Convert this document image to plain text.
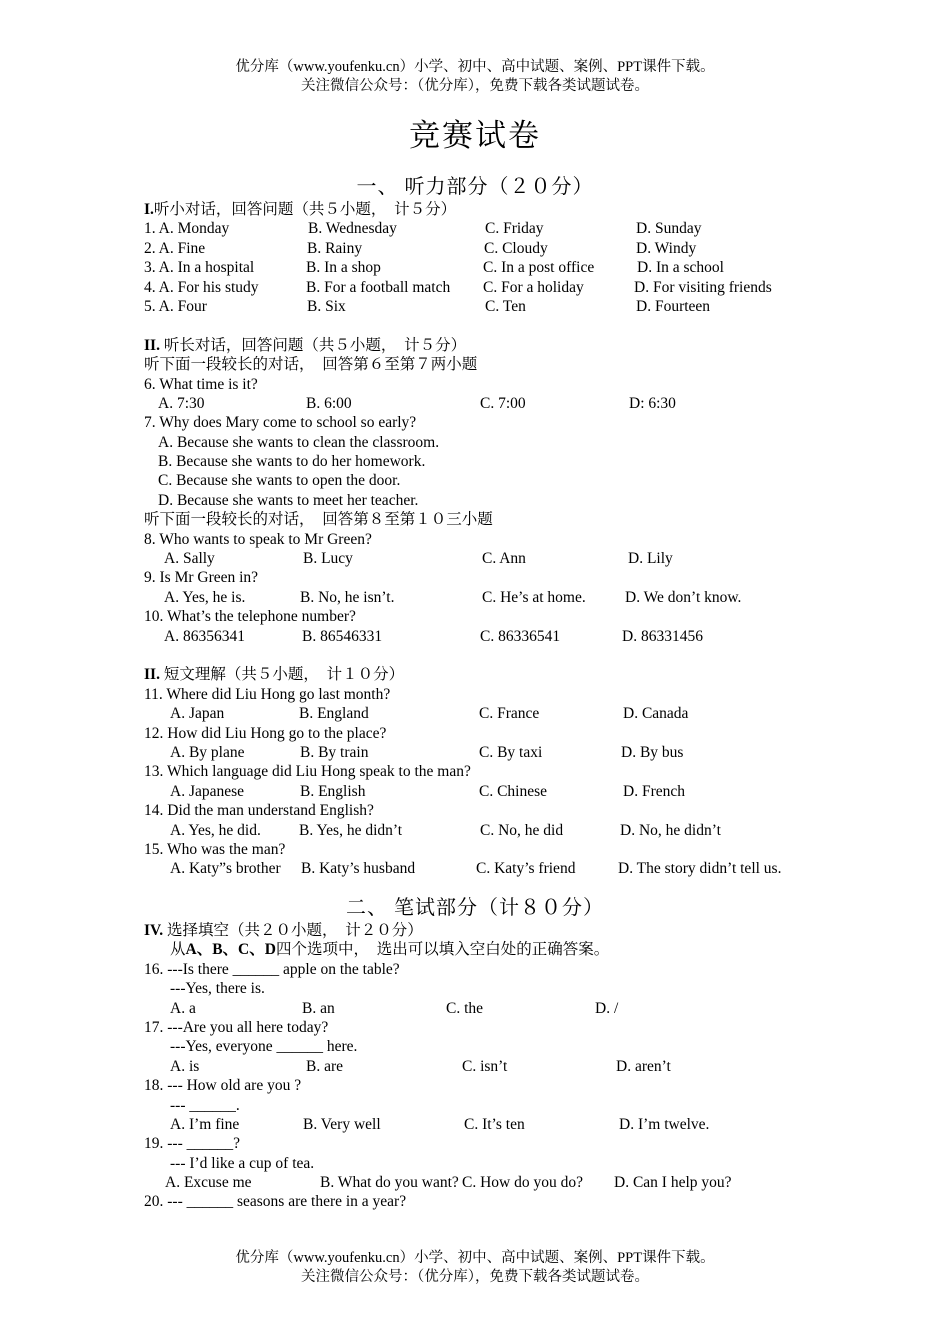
优分库（www.youfenku.cn）小学、初中、高中试题、案例、PPT课件下载。
关注微信公众号：（优分库），免费下载各类试题试卷。
竞赛试卷
一、 听力部分（２０分）
I.听小对话，回答问题（共５小题，　计５分）
1. A. Monday	B. Wednesday	C. Friday	D. Sunday
2. A. Fine	B. Rainy	C. Cloudy	D. Windy
3. A. In a hospital	B. In a shop	C. In a post office	D. In a school
4. A. For his study	B. For a football match C. For a holiday	D. For visiting friends
5. A. Four	B. Six	C. Ten	D. Fourteen
II. 听长对话，回答问题（共５小题，　计５分）
听下面一段较长的对话，　回答第６至第７两小题
6. What time is it?
A. 7:30	B. 6:00	C. 7:00	D: 6:30
7. Why does Mary come to school so early?
A. Because she wants to clean the classroom.
B. Because she wants to do her homework.
C. Because she wants to open the door.
D. Because she wants to meet her teacher.
听下面一段较长的对话，　回答第８至第１０三小题
8. Who wants to speak to Mr Green?
A. Sally	B. Lucy	C. Ann	D. Lily
9. Is Mr Green in?
A. Yes, he is.	B. No, he isn’t.	C. He’s at home.	D. We don’t know.
10. What’s the telephone number?
A. 86356341	B. 86546331	C. 86336541	D. 86331456
II. 短文理解（共５小题，　计１０分）
11. Where did Liu Hong go last month?
A. Japan	B. England	C. France	D. Canada
12. How did Liu Hong go to the place?
A. By plane	B. By train	C. By taxi	D. By bus
13. Which language did Liu Hong speak to the man?
A. Japanese	B. English	C. Chinese	D. French
14. Did the man understand English?
A. Yes, he did. B. Yes, he didn’t	C. No, he did	D. No, he didn’t
15. Who was the man?
A. Katy”s brother B. Katy’s husband	C. Katy’s friend	D. The story didn’t tell us.
二、 笔试部分（计８０分）
IV. 选择填空（共２０小题，　计２０分）
从A、B、C、D四个选项中，　选出可以填入空白处的正确答案。
16. ---Is there ______ apple on the table?
---Yes, there is.
A. a	B. an	C. the	D. /
17. ---Are you all here today?
---Yes, everyone ______ here.
A. is	B. are	C. isn’t	D. aren’t
18. --- How old are you ?
--- ______.
A. I’m fine	B. Very well	C. It’s ten	D. I’m twelve.
19. --- ______?
--- I’d like a cup of tea.
A. Excuse me	B. What do you want? C. How do you do? D. Can I help you?
20. --- ______ seasons are there in a year?
优分库（www.youfenku.cn）小学、初中、高中试题、案例、PPT课件下载。
关注微信公众号：（优分库），免费下载各类试题试卷。
